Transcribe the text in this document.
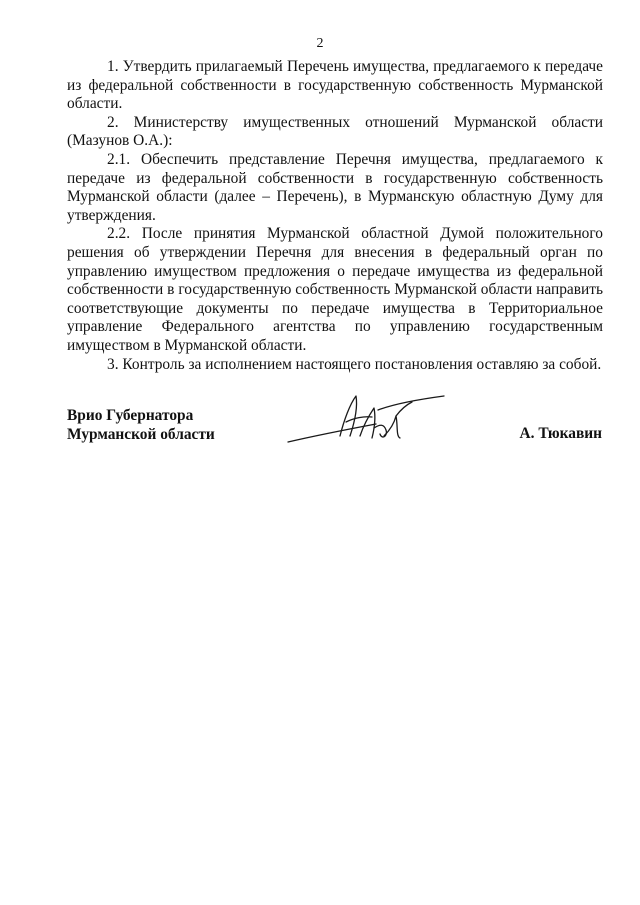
2

1. Утвердить прилагаемый Перечень имущества, предлагаемого к передаче из федеральной собственности в государственную собственность Мурманской области.

2. Министерству имущественных отношений Мурманской области (Мазунов О.А.):

2.1. Обеспечить представление Перечня имущества, предлагаемого к передаче из федеральной собственности в государственную собственность Мурманской области (далее – Перечень), в Мурманскую областную Думу для утверждения.

2.2. После принятия Мурманской областной Думой положительного решения об утверждении Перечня для внесения в федеральный орган по управлению имуществом предложения о передаче имущества из федеральной собственности в государственную собственность Мурманской области направить соответствующие документы по передаче имущества в Территориальное управление Федерального агентства по управлению государственным имуществом в Мурманской области.

3. Контроль за исполнением настоящего постановления оставляю за собой.

Врио Губернатора
Мурманской области	А. Тюкавин
